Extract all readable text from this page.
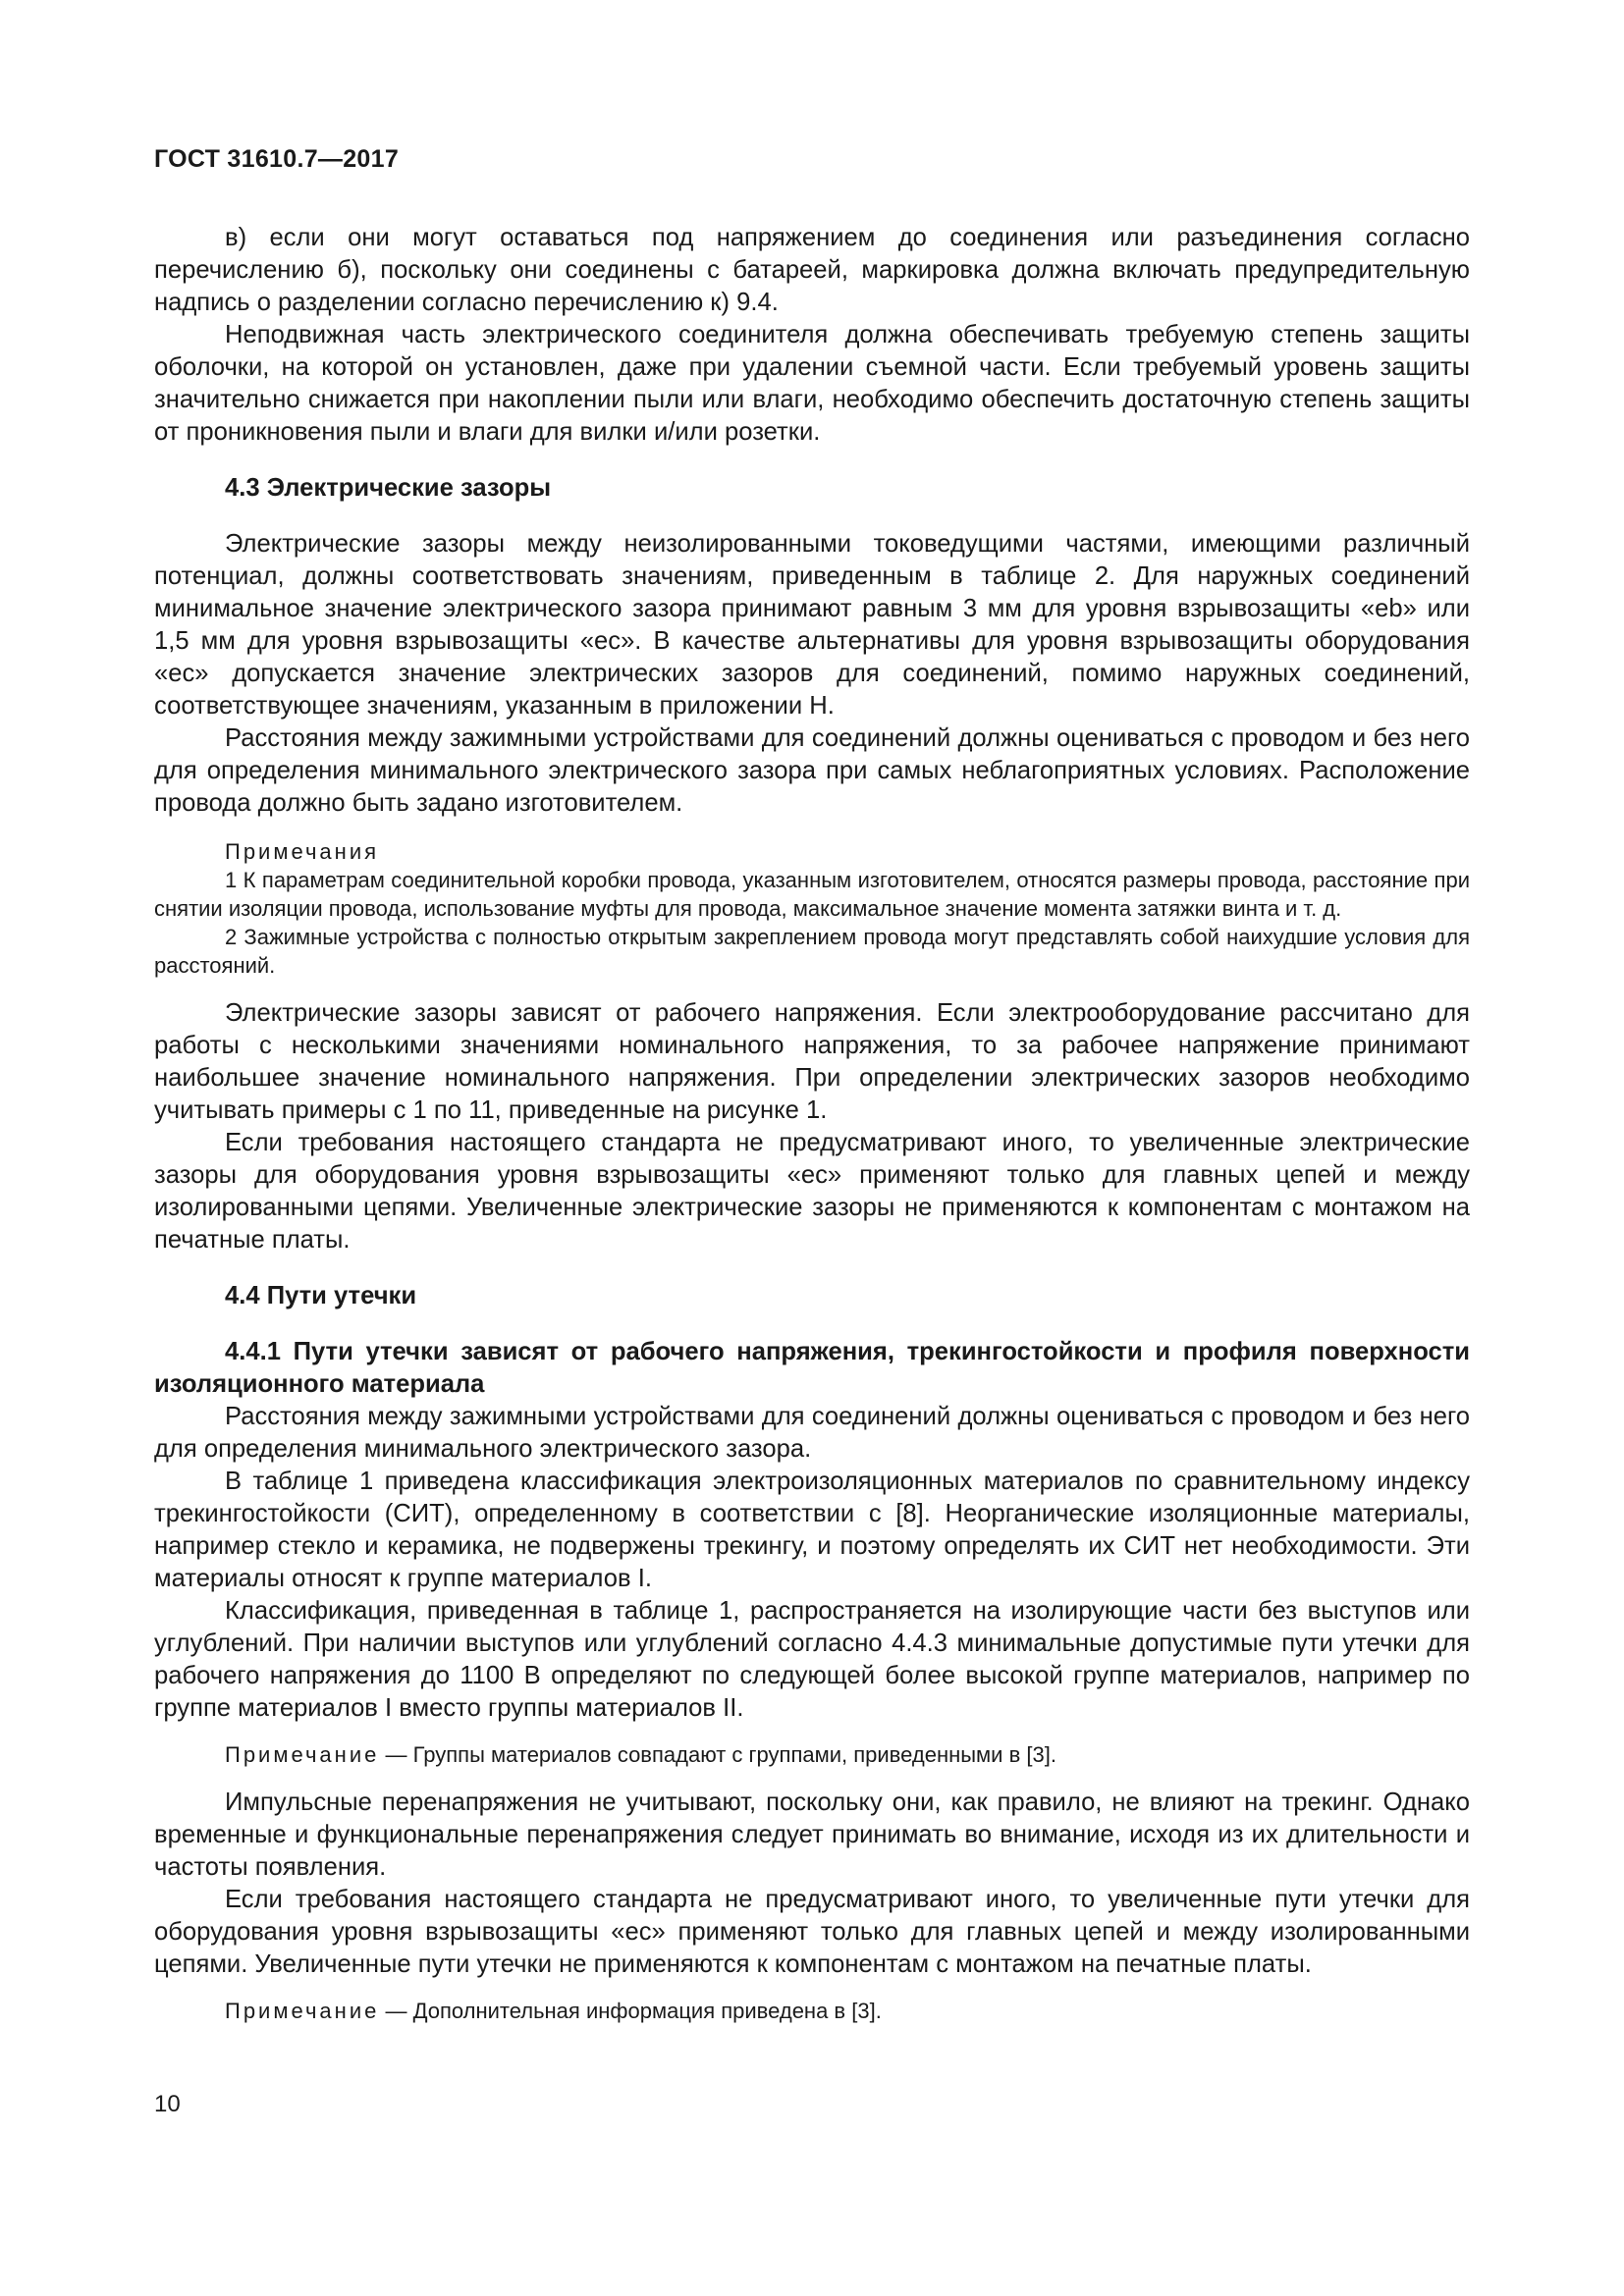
ГОСТ 31610.7—2017

в) если они могут оставаться под напряжением до соединения или разъединения согласно перечислению б), поскольку они соединены с батареей, маркировка должна включать предупредительную надпись о разделении согласно перечислению к) 9.4.

Неподвижная часть электрического соединителя должна обеспечивать требуемую степень защиты оболочки, на которой он установлен, даже при удалении съемной части. Если требуемый уровень защиты значительно снижается при накоплении пыли или влаги, необходимо обеспечить достаточную степень защиты от проникновения пыли и влаги для вилки и/или розетки.

4.3 Электрические зазоры

Электрические зазоры между неизолированными токоведущими частями, имеющими различный потенциал, должны соответствовать значениям, приведенным в таблице 2. Для наружных соединений минимальное значение электрического зазора принимают равным 3 мм для уровня взрывозащиты «eb» или 1,5 мм для уровня взрывозащиты «ec». В качестве альтернативы для уровня взрывозащиты оборудования «ec» допускается значение электрических зазоров для соединений, помимо наружных соединений, соответствующее значениям, указанным в приложении Н.

Расстояния между зажимными устройствами для соединений должны оцениваться с проводом и без него для определения минимального электрического зазора при самых неблагоприятных условиях. Расположение провода должно быть задано изготовителем.

Примечания
1 К параметрам соединительной коробки провода, указанным изготовителем, относятся размеры провода, расстояние при снятии изоляции провода, использование муфты для провода, максимальное значение момента затяжки винта и т. д.
2 Зажимные устройства с полностью открытым закреплением провода могут представлять собой наихудшие условия для расстояний.

Электрические зазоры зависят от рабочего напряжения. Если электрооборудование рассчитано для работы с несколькими значениями номинального напряжения, то за рабочее напряжение принимают наибольшее значение номинального напряжения. При определении электрических зазоров необходимо учитывать примеры с 1 по 11, приведенные на рисунке 1.

Если требования настоящего стандарта не предусматривают иного, то увеличенные электрические зазоры для оборудования уровня взрывозащиты «ec» применяют только для главных цепей и между изолированными цепями. Увеличенные электрические зазоры не применяются к компонентам с монтажом на печатные платы.

4.4 Пути утечки
4.4.1 Пути утечки зависят от рабочего напряжения, трекингостойкости и профиля поверхности изоляционного материала

Расстояния между зажимными устройствами для соединений должны оцениваться с проводом и без него для определения минимального электрического зазора.

В таблице 1 приведена классификация электроизоляционных материалов по сравнительному индексу трекингостойкости (СИТ), определенному в соответствии с [8]. Неорганические изоляционные материалы, например стекло и керамика, не подвержены трекингу, и поэтому определять их СИТ нет необходимости. Эти материалы относят к группе материалов I.

Классификация, приведенная в таблице 1, распространяется на изолирующие части без выступов или углублений. При наличии выступов или углублений согласно 4.4.3 минимальные допустимые пути утечки для рабочего напряжения до 1100 В определяют по следующей более высокой группе материалов, например по группе материалов I вместо группы материалов II.

Примечание — Группы материалов совпадают с группами, приведенными в [3].

Импульсные перенапряжения не учитывают, поскольку они, как правило, не влияют на трекинг. Однако временные и функциональные перенапряжения следует принимать во внимание, исходя из их длительности и частоты появления.

Если требования настоящего стандарта не предусматривают иного, то увеличенные пути утечки для оборудования уровня взрывозащиты «ec» применяют только для главных цепей и между изолированными цепями. Увеличенные пути утечки не применяются к компонентам с монтажом на печатные платы.

Примечание — Дополнительная информация приведена в [3].
10
